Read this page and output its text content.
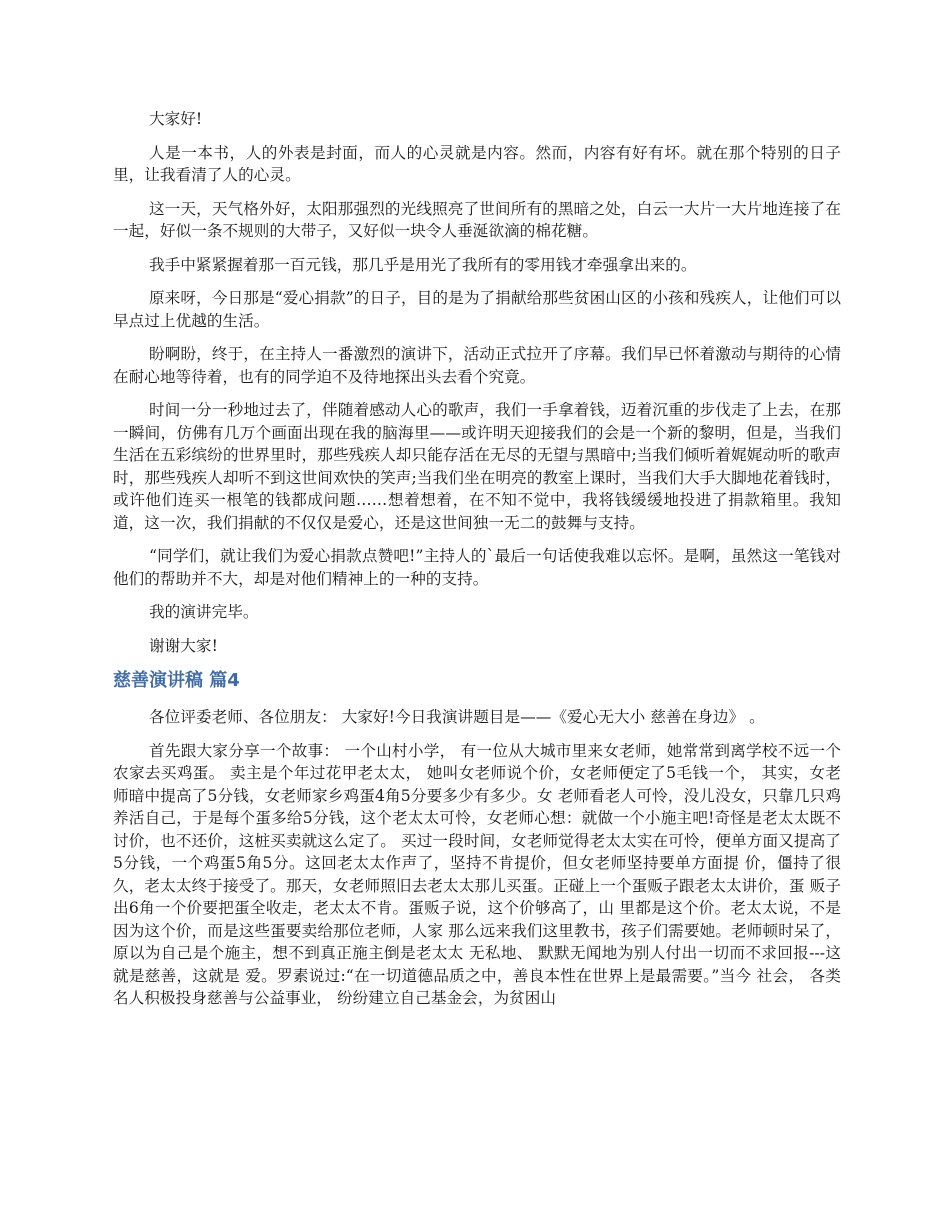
大家好!

人是一本书，人的外表是封面，而人的心灵就是内容。然而，内容有好有坏。就在那个特别的日子里，让我看清了人的心灵。

这一天，天气格外好，太阳那强烈的光线照亮了世间所有的黑暗之处，白云一大片一大片地连接了在一起，好似一条不规则的大带子，又好似一块令人垂涎欲滴的棉花糖。

我手中紧紧握着那一百元钱，那几乎是用光了我所有的零用钱才牵强拿出来的。

原来呀，今日那是“爱心捐款”的日子，目的是为了捐献给那些贫困山区的小孩和残疾人，让他们可以早点过上优越的生活。

盼啊盼，终于，在主持人一番激烈的演讲下，活动正式拉开了序幕。我们早已怀着激动与期待的心情在耐心地等待着，也有的同学迫不及待地探出头去看个究竟。

时间一分一秒地过去了，伴随着感动人心的歌声，我们一手拿着钱，迈着沉重的步伐走了上去，在那一瞬间，仿佛有几万个画面出现在我的脑海里——或许明天迎接我们的会是一个新的黎明，但是，当我们生活在五彩缤纷的世界里时，那些残疾人却只能存活在无尽的无望与黑暗中;当我们倾听着娓娓动听的歌声时，那些残疾人却听不到这世间欢快的笑声;当我们坐在明亮的教室上课时，当我们大手大脚地花着钱时，或许他们连买一根笔的钱都成问题……想着想着，在不知不觉中，我将钱缓缓地投进了捐款箱里。我知道，这一次，我们捐献的不仅仅是爱心，还是这世间独一无二的鼓舞与支持。

“同学们，就让我们为爱心捐款点赞吧!”主持人的`最后一句话使我难以忘怀。是啊，虽然这一笔钱对他们的帮助并不大，却是对他们精神上的一种的支持。

我的演讲完毕。

谢谢大家!

慈善演讲稿 篇4

各位评委老师、各位朋友： 大家好!今日我演讲题目是——《爱心无大小 慈善在身边》 。

首先跟大家分享一个故事： 一个山村小学， 有一位从大城市里来女老师，她常常到离学校不远一个 农家去买鸡蛋。 卖主是个年过花甲老太太， 她叫女老师说个价，女老师便定了5毛钱一个， 其实，女老师暗中提高了5分钱，女老师家乡鸡蛋4角5分要多少有多少。女 老师看老人可怜，没儿没女，只靠几只鸡养活自己，于是每个蛋多给5分钱，这个老太太可怜，女老师心想：就做一个小施主吧!奇怪是老太太既不讨价，也不还价，这桩买卖就这么定了。 买过一段时间，女老师觉得老太太实在可怜，便单方面又提高了5分钱，一个鸡蛋5角5分。这回老太太作声了，坚持不肯提价，但女老师坚持要单方面提 价，僵持了很久，老太太终于接受了。那天，女老师照旧去老太太那儿买蛋。正碰上一个蛋贩子跟老太太讲价，蛋 贩子出6角一个价要把蛋全收走，老太太不肯。蛋贩子说，这个价够高了，山 里都是这个价。老太太说，不是因为这个价，而是这些蛋要卖给那位老师，人家 那么远来我们这里教书，孩子们需要她。老师顿时呆了，原以为自己是个施主，想不到真正施主倒是老太太 无私地、 默默无闻地为别人付出一切而不求回报---这就是慈善，这就是 爱。罗素说过:“在一切道德品质之中，善良本性在世界上是最需要。”当今 社会， 各类名人积极投身慈善与公益事业， 纷纷建立自己基金会，为贫困山
